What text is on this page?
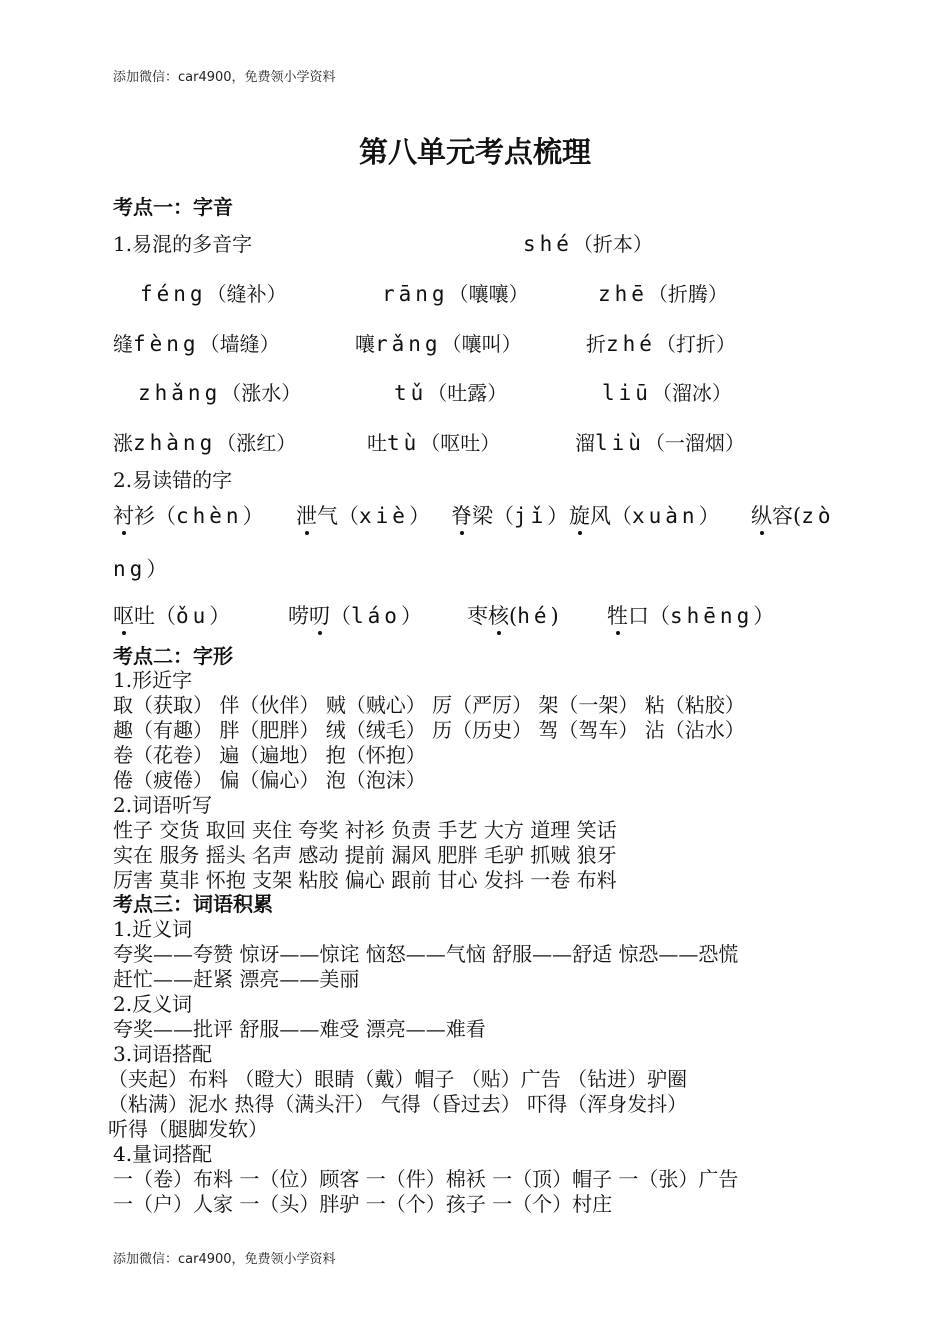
添加微信：car4900，免费领小学资料
第八单元考点梳理
考点一：字音
1.易混的多音字	shé（折本）
féng（缝补）	rāng（嚷嚷）	zhē（折腾）
缝fèng（墙缝）	嚷rǎng（嚷叫）	折zhé（打折）
zhǎng（涨水）	tǔ（吐露）	liū（溜冰）
涨zhàng（涨红）	吐tù（呕吐）	溜liù（一溜烟）
2.易读错的字
衬衫（chèn） 泄气（xiè） 脊梁（jǐ） 旋风（xuàn） 纵容(zò
ng）
呕吐（ǒu）	唠叨（láo） 枣核(hé) 牲口（shēng）
考点二：字形
1.形近字
取（获取） 伴（伙伴） 贼（贼心） 厉（严厉） 架（一架） 粘（粘胶）
趣（有趣） 胖（肥胖） 绒（绒毛） 历（历史） 驾（驾车） 沾（沾水）
卷（花卷） 遍（遍地） 抱（怀抱）
倦（疲倦） 偏（偏心） 泡（泡沫）
2.词语听写
性子 交货 取回 夹住 夸奖 衬衫 负责 手艺 大方 道理 笑话
实在 服务 摇头 名声 感动 提前 漏风 肥胖 毛驴 抓贼 狼牙
厉害 莫非 怀抱 支架 粘胶 偏心 跟前 甘心 发抖 一卷 布料
考点三：词语积累
1.近义词
夸奖——夸赞 惊讶——惊诧 恼怒——气恼 舒服——舒适 惊恐——恐慌
赶忙——赶紧 漂亮——美丽
2.反义词
夸奖——批评 舒服——难受 漂亮——难看
3.词语搭配
（夹起）布料 （瞪大）眼睛（戴）帽子 （贴）广告 （钻进）驴圈
（粘满）泥水 热得（满头汗） 气得（昏过去） 吓得（浑身发抖）
听得（腿脚发软）
4.量词搭配
一（卷）布料 一（位）顾客 一（件）棉袄 一（顶）帽子 一（张）广告
一（户）人家 一（头）胖驴 一（个）孩子 一（个）村庄
添加微信：car4900，免费领小学资料
